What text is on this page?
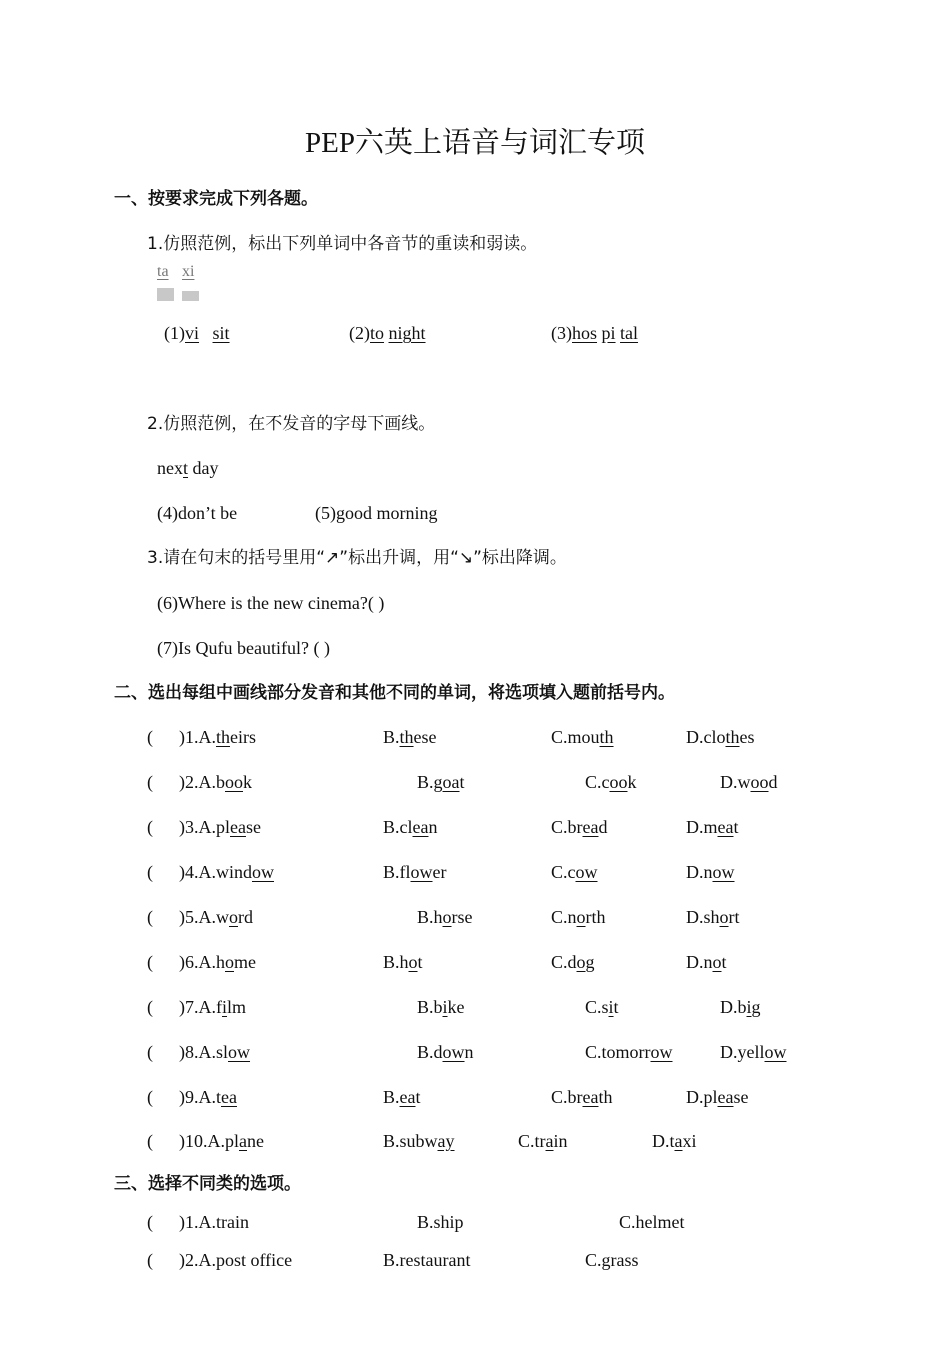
PEP六英上语音与词汇专项
一、按要求完成下列各题。
1.仿照范例，标出下列单词中各音节的重读和弱读。
ta xi
(1)vi sit	(2)to night	(3)hos pi tal
2.仿照范例，在不发音的字母下画线。
next day
(4)don’t be	(5)good morning
3.请在句末的括号里用“↗”标出升调，用“↘”标出降调。
(6)Where is the new cinema?( )
(7)Is Qufu beautiful? ( )
二、选出每组中画线部分发音和其他不同的单词，将选项填入题前括号内。
( )1.A.theirs	B.these	C.mouth	D.clothes
( )2.A.book	B.goat	C.cook	D.wood
( )3.A.please	B.clean	C.bread	D.meat
( )4.A.window	B.flower	C.cow	D.now
( )5.A.word	B.horse	C.north	D.short
( )6.A.home	B.hot	C.dog	D.not
( )7.A.film	B.bike	C.sit	D.big
( )8.A.slow	B.down	C.tomorrow	D.yellow
( )9.A.tea	B.eat	C.breath	D.please
( )10.A.plane	B.subway	C.train	D.taxi
三、选择不同类的选项。
( )1.A.train	B.ship	C.helmet
( )2.A.post office	B.restaurant	C.grass
